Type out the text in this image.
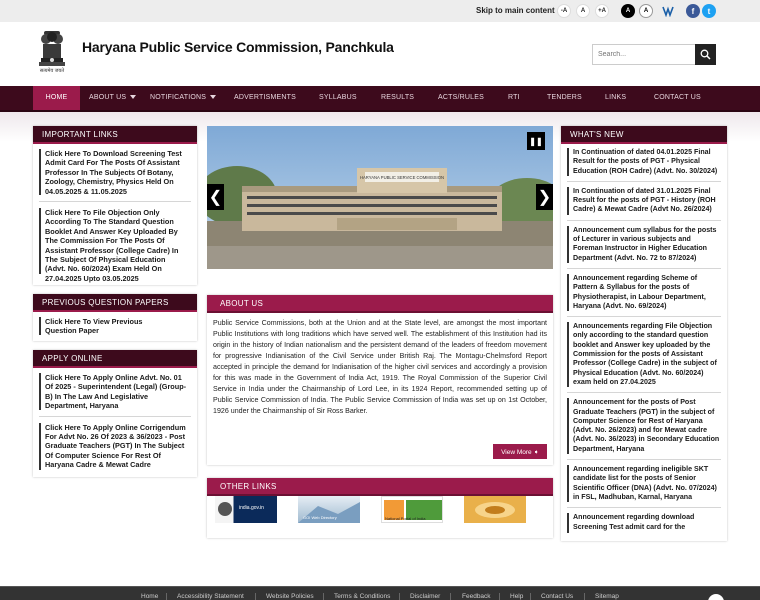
Skip to main content	-A	A	+A	A	A	f	t
सत्यमेव जयते
Haryana Public Service Commission, Panchkula
Search...
HOME	ABOUT US	NOTIFICATIONS	ADVERTISMENTS	SYLLABUS	RESULTS	ACTS/RULES	RTI	TENDERS	LINKS	CONTACT US
IMPORTANT LINKS
Click Here To Download Screening Test Admit Card For The Posts Of Assistant Professor In The Subjects Of Botany, Zoology, Chemistry, Physics Held On 04.05.2025 & 11.05.2025
Click Here To File Objection Only According To The Standard Question Booklet And Answer Key Uploaded By The Commission For The Posts Of Assistant Professor (College Cadre) In The Subject Of Physical Education (Advt. No. 60/2024) Exam Held On 27.04.2025 Upto 03.05.2025
PREVIOUS QUESTION PAPERS
Click Here To View Previous Question Paper
APPLY ONLINE
Click Here To Apply Online Advt. No. 01 Of 2025 - Superintendent (Legal) (Group-B) In The Law And Legislative Department, Haryana
Click Here To Apply Online Corrigendum For Advt No. 26 Of 2023 & 36/2023 - Post Graduate Teachers (PGT) In The Subject Of Computer Science For Rest Of Haryana Cadre & Mewat Cadre
HARYANA PUBLIC SERVICE COMMISSION
❮	❯
❚❚
ABOUT US
Public Service Commissions, both at the Union and at the State level, are amongst the most important Public Institutions with long traditions which have served well. The establishment of this Institution had its origin in the history of Indian nationalism and the persistent demand of the leaders of freedom movement for progressive Indianisation of the Civil Service under British Raj. The Montagu-Chelmsford Report accepted in principle the demand for Indianisation of the higher civil services and accordingly a provision for this was made in the Government of India Act, 1919. The Royal Commission of the Superior Civil Service in India under the Chairmanship of Lord Lee, in its 1924 Report, recommended setting up of Public Service Commission of India. The Public Service Commission of India was set up on 1st October, 1926 under the Chairmanship of Sir Ross Barker.
View More ➧
OTHER LINKS
india.gov.in
GOI Web Directory	National Portal of India
WHAT'S NEW
In Continuation of dated 04.01.2025 Final Result for the posts of PGT - Physical Education (ROH Cadre) (Advt. No. 30/2024)
In Continuation of dated 31.01.2025 Final Result for the posts of PGT - History (ROH Cadre) & Mewat Cadre (Advt No. 26/2024)
Announcement cum syllabus for the posts of Lecturer in various subjects and Foreman Instructor in Higher Education Department (Advt. No. 72 to 87/2024)
Announcement regarding Scheme of Pattern & Syllabus for the posts of Physiotherapist, in Labour Department, Haryana (Advt. No. 69/2024)
Announcements regarding File Objection only according to the standard question booklet and Answer key uploaded by the Commission for the posts of Assistant Professor (College Cadre) in the subject of Physical Education (Advt. No. 60/2024) exam held on 27.04.2025
Announcement for the posts of Post Graduate Teachers (PGT) in the subject of Computer Science for Rest of Haryana (Advt. No. 26/2023) and for Mewat cadre (Advt. No. 36/2023) in Secondary Education Department, Haryana
Announcement regarding ineligible SKT candidate list for the posts of Senior Scientific Officer (DNA) (Advt. No. 07/2024) in FSL, Madhuban, Karnal, Haryana
Announcement regarding download Screening Test admit card for the
Home	Accessibility Statement	Website Policies	Terms & Conditions	Disclaimer	Feedback	Help	Contact Us	Sitemap
